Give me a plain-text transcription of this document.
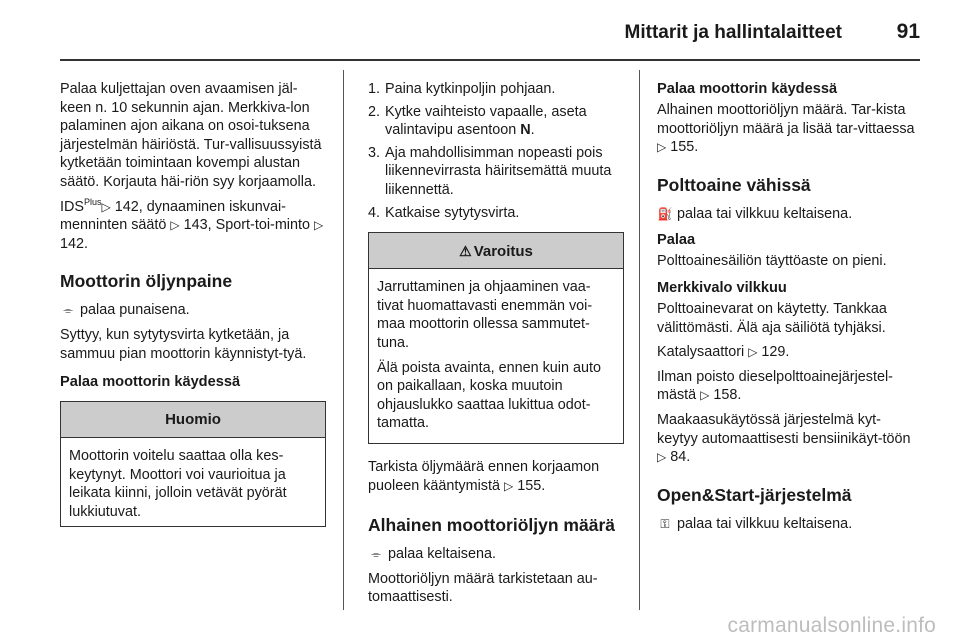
Mittarit ja hallintalaitteet	91

Palaa kuljettajan oven avaamisen jäl-keen n. 10 sekunnin ajan. Merkkiva-lon palaminen ajon aikana on osoi-tuksena järjestelmän häiriöstä. Tur-vallisuussyistä kytketään toimintaan kovempi alustan säätö. Korjauta häi-riön syy korjaamolla.

$IDS^{Plus}▷$ 142, dynaaminen iskunvai-menninten säätö ▷ 143, Sport-toi-minto ▷ 142.

Moottorin öljynpaine

⌯ palaa punaisena.

Syttyy, kun sytytysvirta kytketään, ja sammuu pian moottorin käynnistyt-tyä.

Palaa moottorin käydessä
Huomio
Moottorin voitelu saattaa olla kes-keytynyt. Moottori voi vaurioitua ja leikata kiinni, jolloin vetävät pyörät lukkiutuvat.
1. Paina kytkinpoljin pohjaan.
2. Kytke vaihteisto vapaalle, aseta valintavipu asentoon N.
3. Aja mahdollisimman nopeasti pois liikennevirrasta häiritsemättä muuta liikennettä.
4. Katkaise sytytysvirta.
⚠ Varoitus

Jarruttaminen ja ohjaaminen vaa-tivat huomattavasti enemmän voi-maa moottorin ollessa sammutet-tuna.

Älä poista avainta, ennen kuin auto on paikallaan, koska muutoin ohjauslukko saattaa lukittua odot-tamatta.

Tarkista öljymäärä ennen korjaamon puoleen kääntymistä ▷ 155.

Alhainen moottoriöljyn määrä

⌯ palaa keltaisena.

Moottoriöljyn määrä tarkistetaan au-tomaattisesti.

Palaa moottorin käydessä

Alhainen moottoriöljyn määrä. Tar-kista moottoriöljyn määrä ja lisää tar-vittaessa ▷ 155.

Polttoaine vähissä

⛽ palaa tai vilkkuu keltaisena.

Palaa

Polttoainesäiliön täyttöaste on pieni.

Merkkivalo vilkkuu

Polttoainevarat on käytetty. Tankkaa välittömästi. Älä aja säiliötä tyhjäksi.

Katalysaattori ▷ 129.

Ilman poisto dieselpolttoainejärjestel-mästä ▷ 158.

Maakaasukäytössä järjestelmä kyt-keytyy automaattisesti bensiinikäyt-töön ▷ 84.

Open&Start-järjestelmä

⚿ palaa tai vilkkuu keltaisena.

carmanualsonline.info
